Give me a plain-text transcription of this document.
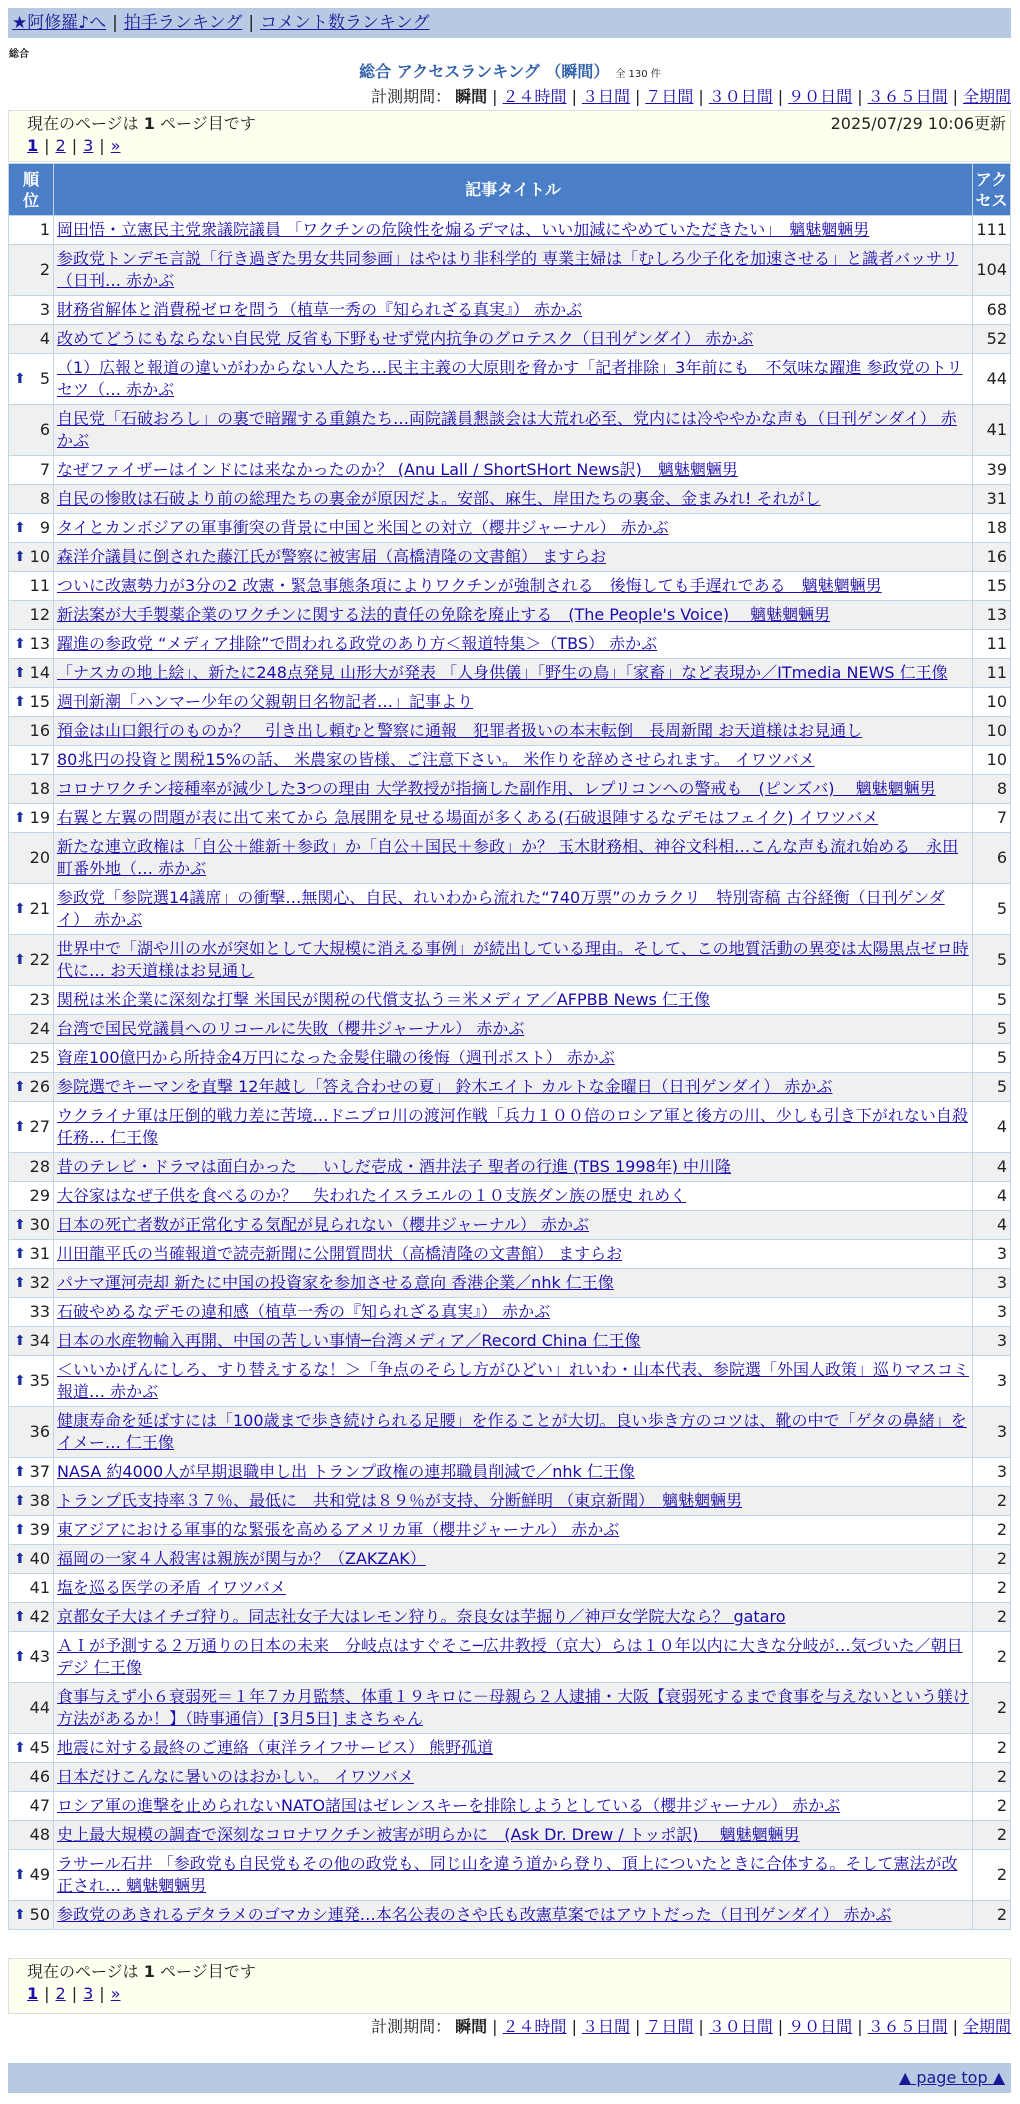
★阿修羅♪へ | 拍手ランキング | コメント数ランキング
総合
総合 アクセスランキング （瞬間） 全 130 件
計測期間： 瞬間 | ２４時間 | ３日間 | ７日間 | ３０日間 | ９０日間 | ３６５日間 | 全期間
現在のページは 1 ページ目です	2025/07/29 10:06更新
1 | 2 | 3 | »
順位	記事タイトル	アクセス
1	岡田悟・立憲民主党衆議院議員 「ワクチンの危険性を煽るデマは、いい加減にやめていただきたい」　魑魅魍魎男	111
2	参政党トンデモ言説「行き過ぎた男女共同参画」はやはり非科学的 専業主婦は「むしろ少子化を加速させる」と識者バッサリ（日刊… 赤かぶ	104
3	財務省解体と消費税ゼロを問う（植草一秀の『知られざる真実』） 赤かぶ	68
4	改めてどうにもならない自民党 反省も下野もせず党内抗争のグロテスク（日刊ゲンダイ） 赤かぶ	52

⬆ 5	（1）広報と報道の違いがわからない人たち…民主主義の大原則を脅かす「記者排除」3年前にも　不気味な躍進 参政党のトリセツ（… 赤かぶ	44
6	自民党「石破おろし」の裏で暗躍する重鎮たち…両院議員懇談会は大荒れ必至、党内には冷ややかな声も（日刊ゲンダイ） 赤かぶ	41
7	なぜファイザーはインドには来なかったのか？ (Anu Lall / ShortSHort News訳)　魑魅魍魎男	39
8	自民の惨敗は石破より前の総理たちの裏金が原因だよ。安部、麻生、岸田たちの裏金、金まみれ! それがし	31

⬆ 9	タイとカンボジアの軍事衝突の背景に中国と米国との対立（櫻井ジャーナル） 赤かぶ	18

⬆ 10	森洋介議員に倒された藤江氏が警察に被害届（高橋清隆の文書館） ますらお	16
11	ついに改憲勢力が3分の2 改憲・緊急事態条項によりワクチンが強制される　後悔しても手遅れである　魑魅魍魎男	15
12	新法案が大手製薬企業のワクチンに関する法的責任の免除を廃止する　(The People's Voice)　 魑魅魍魎男	13

⬆ 13	躍進の参政党 “メディア排除”で問われる政党のあり方＜報道特集＞（TBS） 赤かぶ	11

⬆ 14	「ナスカの地上絵」、新たに248点発見 山形大が発表 「人身供儀」「野生の鳥」「家畜」など表現か／ITmedia NEWS 仁王像	11

⬆ 15	週刊新潮「ハンマー少年の父親朝日名物記者…」記事より	10
16	預金は山口銀行のものか？　引き出し頼むと警察に通報　犯罪者扱いの本末転倒　長周新聞 お天道様はお見通し	10
17	80兆円の投資と関税15%の話、 米農家の皆様、ご注意下さい。 米作りを辞めさせられます。 イワツバメ	10
18	コロナワクチン接種率が減少した3つの理由 大学教授が指摘した副作用、レプリコンへの警戒も　(ピンズバ)　 魑魅魍魎男	8

⬆ 19	右翼と左翼の問題が表に出て来てから 急展開を見せる場面が多くある(石破退陣するなデモはフェイク) イワツバメ	7
20	新たな連立政権は「自公＋維新＋参政」か「自公＋国民＋参政」か？ 玉木財務相、神谷文科相…こんな声も流れ始める　永田町番外地（… 赤かぶ	6

⬆ 21	参政党「参院選14議席」の衝撃…無関心、自民、れいわから流れた“740万票”のカラクリ　特別寄稿 古谷経衡（日刊ゲンダイ） 赤かぶ	5

⬆ 22	世界中で「湖や川の水が突如として大規模に消える事例」が続出している理由。そして、この地質活動の異変は太陽黒点ゼロ時代に… お天道様はお見通し	5
23	関税は米企業に深刻な打撃 米国民が関税の代償支払う＝米メディア／AFPBB News 仁王像	5
24	台湾で国民党議員へのリコールに失敗（櫻井ジャーナル） 赤かぶ	5
25	資産100億円から所持金4万円になった金髪住職の後悔（週刊ポスト） 赤かぶ	5

⬆ 26	参院選でキーマンを直撃 12年越し「答え合わせの夏」 鈴木エイト カルトな金曜日（日刊ゲンダイ） 赤かぶ	5

⬆ 27	ウクライナ軍は圧倒的戦力差に苦境…ドニプロ川の渡河作戦「兵力１００倍のロシア軍と後方の川、少しも引き下がれない自殺任務… 仁王像	4
28	昔のテレビ・ドラマは面白かった ＿ いしだ壱成・酒井法子 聖者の行進 (TBS 1998年) 中川隆	4
29	大谷家はなぜ子供を食べるのか？　失われたイスラエルの１０支族ダン族の歴史 れめく	4

⬆ 30	日本の死亡者数が正常化する気配が見られない（櫻井ジャーナル） 赤かぶ	4

⬆ 31	川田龍平氏の当確報道で読売新聞に公開質問状（高橋清隆の文書館） ますらお	3

⬆ 32	パナマ運河売却 新たに中国の投資家を参加させる意向 香港企業／nhk 仁王像	3
33	石破やめるなデモの違和感（植草一秀の『知られざる真実』） 赤かぶ	3

⬆ 34	日本の水産物輸入再開、中国の苦しい事情─台湾メディア／Record China 仁王像	3

⬆ 35	＜いいかげんにしろ、すり替えするな！＞「争点のそらし方がひどい」れいわ・山本代表、参院選「外国人政策」巡りマスコミ報道… 赤かぶ	3
36	健康寿命を延ばすには「100歳まで歩き続けられる足腰」を作ることが大切。良い歩き方のコツは、靴の中で「ゲタの鼻緒」をイメー… 仁王像	3

⬆ 37	NASA 約4000人が早期退職申し出 トランプ政権の連邦職員削減で／nhk 仁王像	3

⬆ 38	トランプ氏支持率３７％、最低に　共和党は８９％が支持、分断鮮明 （東京新聞）　魑魅魍魎男	2

⬆ 39	東アジアにおける軍事的な緊張を高めるアメリカ軍（櫻井ジャーナル） 赤かぶ	2

⬆ 40	福岡の一家４人殺害は親族が関与か？（ZAKZAK）	2
41	塩を巡る医学の矛盾 イワツバメ	2

⬆ 42	京都女子大はイチゴ狩り。同志社女子大はレモン狩り。奈良女は芋掘り／神戸女学院大なら？ gataro	2

⬆ 43	ＡＩが予測する２万通りの日本の未来　分岐点はすぐそこ─広井教授（京大）らは１０年以内に大きな分岐が…気づいた／朝日デジ 仁王像	2
44	食事与えず小６衰弱死＝１年７カ月監禁、体重１９キロに－母親ら２人逮捕・大阪【衰弱死するまで食事を与えないという躾け方法があるか！】（時事通信）[3月5日] まさちゃん	2

⬆ 45	地震に対する最終のご連絡（東洋ライフサービス） 熊野孤道	2
46	日本だけこんなに暑いのはおかしい。 イワツバメ	2
47	ロシア軍の進撃を止められないNATO諸国はゼレンスキーを排除しようとしている（櫻井ジャーナル） 赤かぶ	2
48	史上最大規模の調査で深刻なコロナワクチン被害が明らかに　(Ask Dr. Drew / トッポ訳)　 魑魅魍魎男	2

⬆ 49	ラサール石井 「参政党も自民党もその他の政党も、同じ山を違う道から登り、頂上についたときに合体する。そして憲法が改正され… 魑魅魍魎男	2

⬆ 50	参政党のあきれるデタラメのゴマカシ連発…本名公表のさや氏も改憲草案ではアウトだった（日刊ゲンダイ） 赤かぶ	2
現在のページは 1 ページ目です
1 | 2 | 3 | »
計測期間： 瞬間 | ２４時間 | ３日間 | ７日間 | ３０日間 | ９０日間 | ３６５日間 | 全期間
▲ page top ▲
